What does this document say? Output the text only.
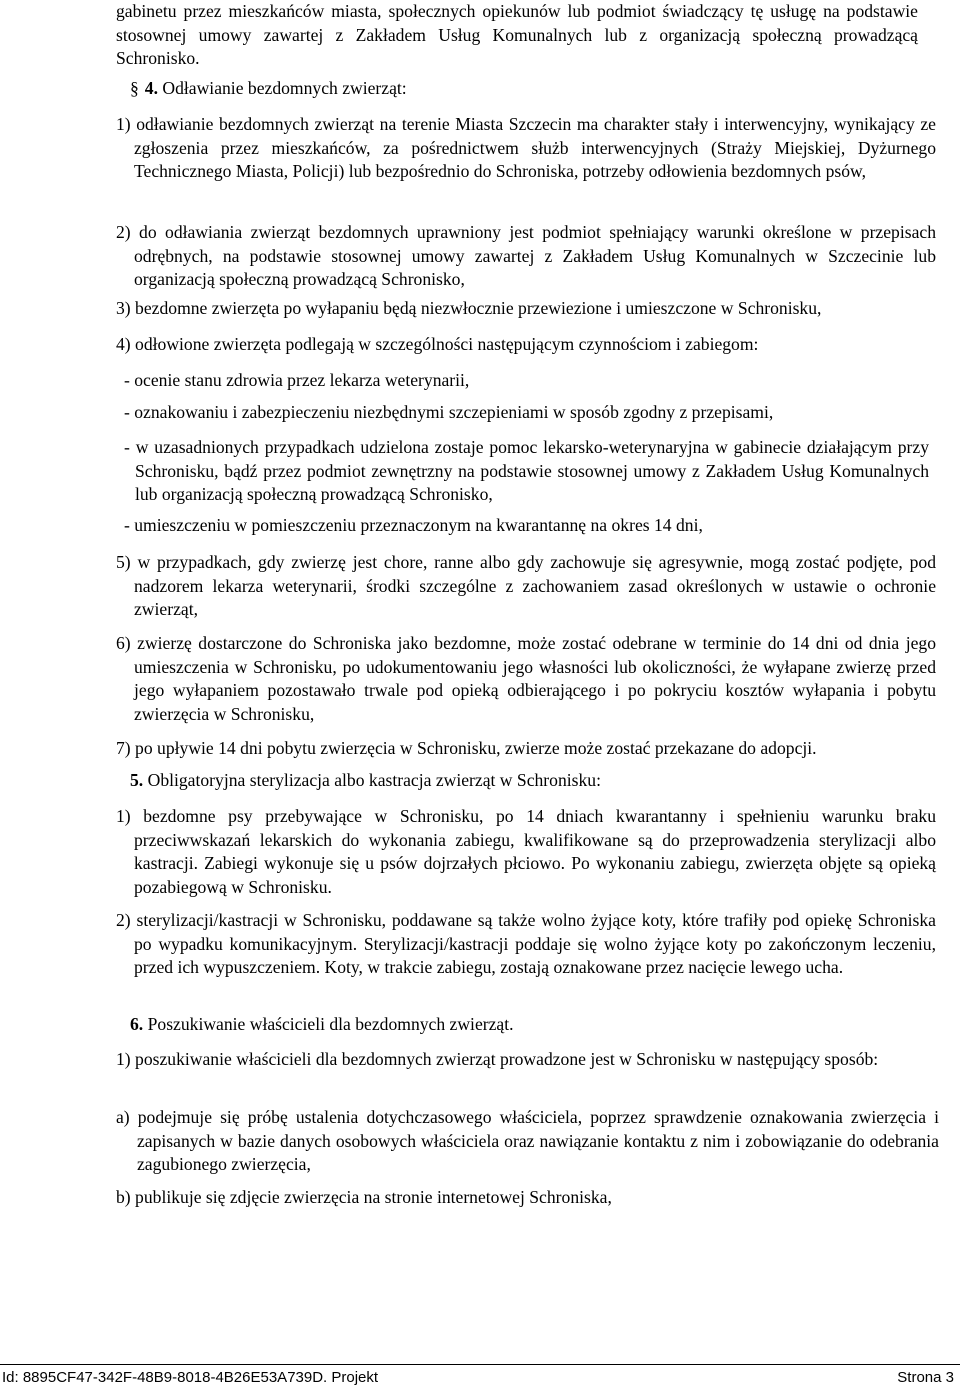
gabinetu przez mieszkańców miasta, społecznych opiekunów lub podmiot świadczący tę usługę na podstawie stosownej umowy zawartej z Zakładem Usług Komunalnych lub z organizacją społeczną prowadzącą Schronisko.

§ 4. Odławianie bezdomnych zwierząt:

1) odławianie bezdomnych zwierząt na terenie Miasta Szczecin ma charakter stały i interwencyjny, wynikający ze zgłoszenia przez mieszkańców, za pośrednictwem służb interwencyjnych (Straży Miejskiej, Dyżurnego Technicznego Miasta, Policji) lub bezpośrednio do Schroniska, potrzeby odłowienia bezdomnych psów,

2) do odławiania zwierząt bezdomnych uprawniony jest podmiot spełniający warunki określone w przepisach odrębnych, na podstawie stosownej umowy zawartej z Zakładem Usług Komunalnych w Szczecinie lub organizacją społeczną prowadzącą Schronisko,

3) bezdomne zwierzęta po wyłapaniu będą niezwłocznie przewiezione i umieszczone w Schronisku,

4) odłowione zwierzęta podlegają w szczególności następującym czynnościom i zabiegom:

- ocenie stanu zdrowia przez lekarza weterynarii,

- oznakowaniu i zabezpieczeniu niezbędnymi szczepieniami w sposób zgodny z przepisami,

- w uzasadnionych przypadkach udzielona zostaje pomoc lekarsko-weterynaryjna w gabinecie działającym przy Schronisku, bądź przez podmiot zewnętrzny na podstawie stosownej umowy z Zakładem Usług Komunalnych lub organizacją społeczną prowadzącą Schronisko,

- umieszczeniu w pomieszczeniu przeznaczonym na kwarantannę na okres 14 dni,

5) w przypadkach, gdy zwierzę jest chore, ranne albo gdy zachowuje się agresywnie, mogą zostać podjęte, pod nadzorem lekarza weterynarii, środki szczególne z zachowaniem zasad określonych w ustawie o ochronie zwierząt,

6) zwierzę dostarczone do Schroniska jako bezdomne, może zostać odebrane w terminie do 14 dni od dnia jego umieszczenia w Schronisku, po udokumentowaniu jego własności lub okoliczności, że wyłapane zwierzę przed jego wyłapaniem pozostawało trwale pod opieką odbierającego i po pokryciu kosztów wyłapania i pobytu zwierzęcia w Schronisku,

7) po upływie 14 dni pobytu zwierzęcia w Schronisku, zwierze może zostać przekazane do adopcji.

5. Obligatoryjna sterylizacja albo kastracja zwierząt w Schronisku:

1) bezdomne psy przebywające w Schronisku, po 14 dniach kwarantanny i spełnieniu warunku braku przeciwwskazań lekarskich do wykonania zabiegu, kwalifikowane są do przeprowadzenia sterylizacji albo kastracji. Zabiegi wykonuje się u psów dojrzałych płciowo. Po wykonaniu zabiegu, zwierzęta objęte są opieką pozabiegową w Schronisku.

2) sterylizacji/kastracji w Schronisku, poddawane są także wolno żyjące koty, które trafiły pod opiekę Schroniska po wypadku komunikacyjnym. Sterylizacji/kastracji poddaje się wolno żyjące koty po zakończonym leczeniu, przed ich wypuszczeniem. Koty, w trakcie zabiegu, zostają oznakowane przez nacięcie lewego ucha.

6. Poszukiwanie właścicieli dla bezdomnych zwierząt.

1) poszukiwanie właścicieli dla bezdomnych zwierząt prowadzone jest w Schronisku w następujący sposób:

a) podejmuje się próbę ustalenia dotychczasowego właściciela, poprzez sprawdzenie oznakowania zwierzęcia i zapisanych w bazie danych osobowych właściciela oraz nawiązanie kontaktu z nim i zobowiązanie do odebrania zagubionego zwierzęcia,

b) publikuje się zdjęcie zwierzęcia na stronie internetowej Schroniska,

Id: 8895CF47-342F-48B9-8018-4B26E53A739D. Projekt	Strona 3
